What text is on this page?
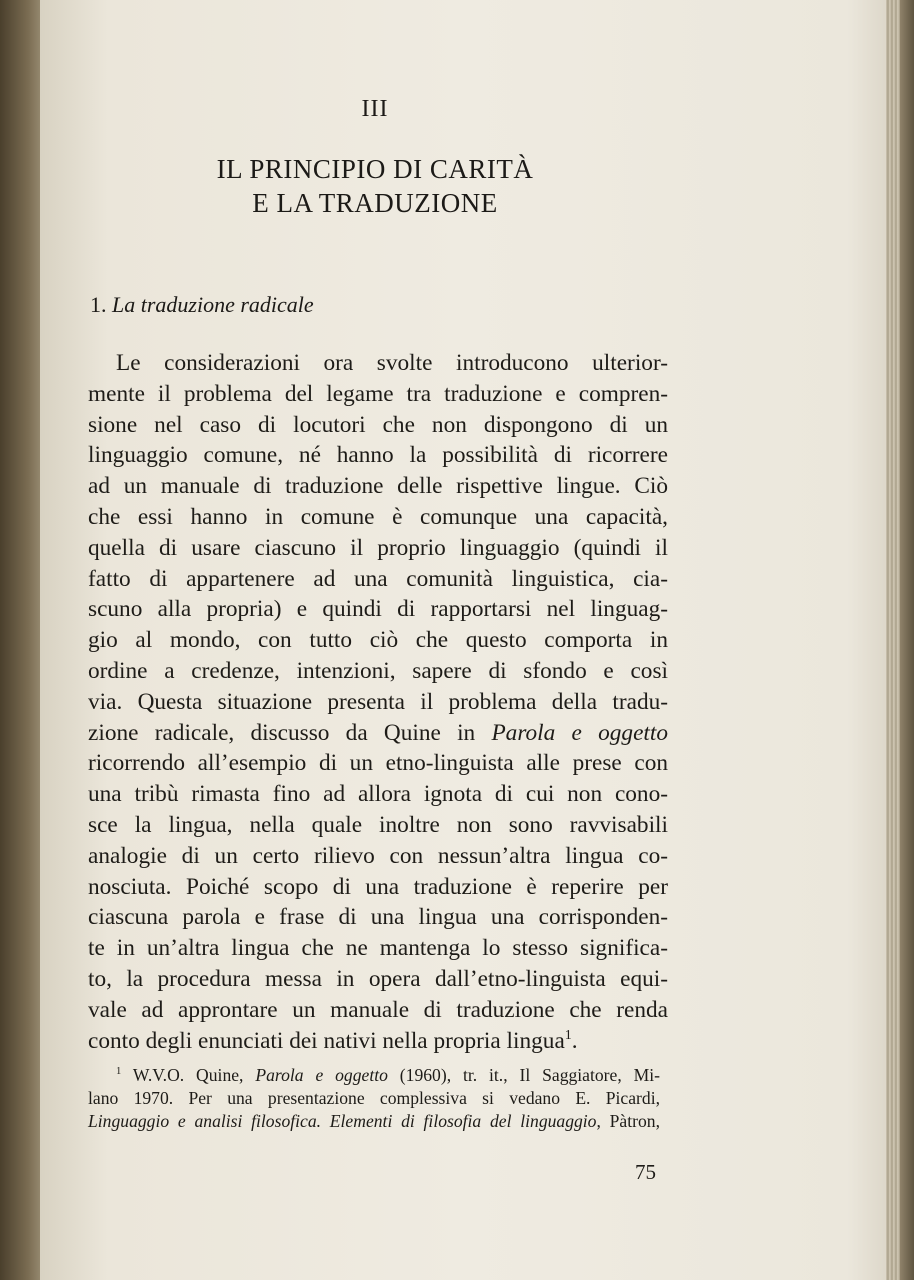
III
IL PRINCIPIO DI CARITÀ
E LA TRADUZIONE
1. La traduzione radicale
Le considerazioni ora svolte introducono ulterior-
mente il problema del legame tra traduzione e compren-
sione nel caso di locutori che non dispongono di un
linguaggio comune, né hanno la possibilità di ricorrere
ad un manuale di traduzione delle rispettive lingue. Ciò
che essi hanno in comune è comunque una capacità,
quella di usare ciascuno il proprio linguaggio (quindi il
fatto di appartenere ad una comunità linguistica, cia-
scuno alla propria) e quindi di rapportarsi nel linguag-
gio al mondo, con tutto ciò che questo comporta in
ordine a credenze, intenzioni, sapere di sfondo e così
via. Questa situazione presenta il problema della tradu-
zione radicale, discusso da Quine in Parola e oggetto
ricorrendo all’esempio di un etno-linguista alle prese con
una tribù rimasta fino ad allora ignota di cui non cono-
sce la lingua, nella quale inoltre non sono ravvisabili
analogie di un certo rilievo con nessun’altra lingua co-
nosciuta. Poiché scopo di una traduzione è reperire per
ciascuna parola e frase di una lingua una corrisponden-
te in un’altra lingua che ne mantenga lo stesso significa-
to, la procedura messa in opera dall’etno-linguista equi-
vale ad approntare un manuale di traduzione che renda
conto degli enunciati dei nativi nella propria lingua$^1$.
$^1$ W.V.O. Quine, Parola e oggetto (1960), tr. it., Il Saggiatore, Mi-
lano 1970. Per una presentazione complessiva si vedano E. Picardi,
Linguaggio e analisi filosofica. Elementi di filosofia del linguaggio, Pàtron,
75
